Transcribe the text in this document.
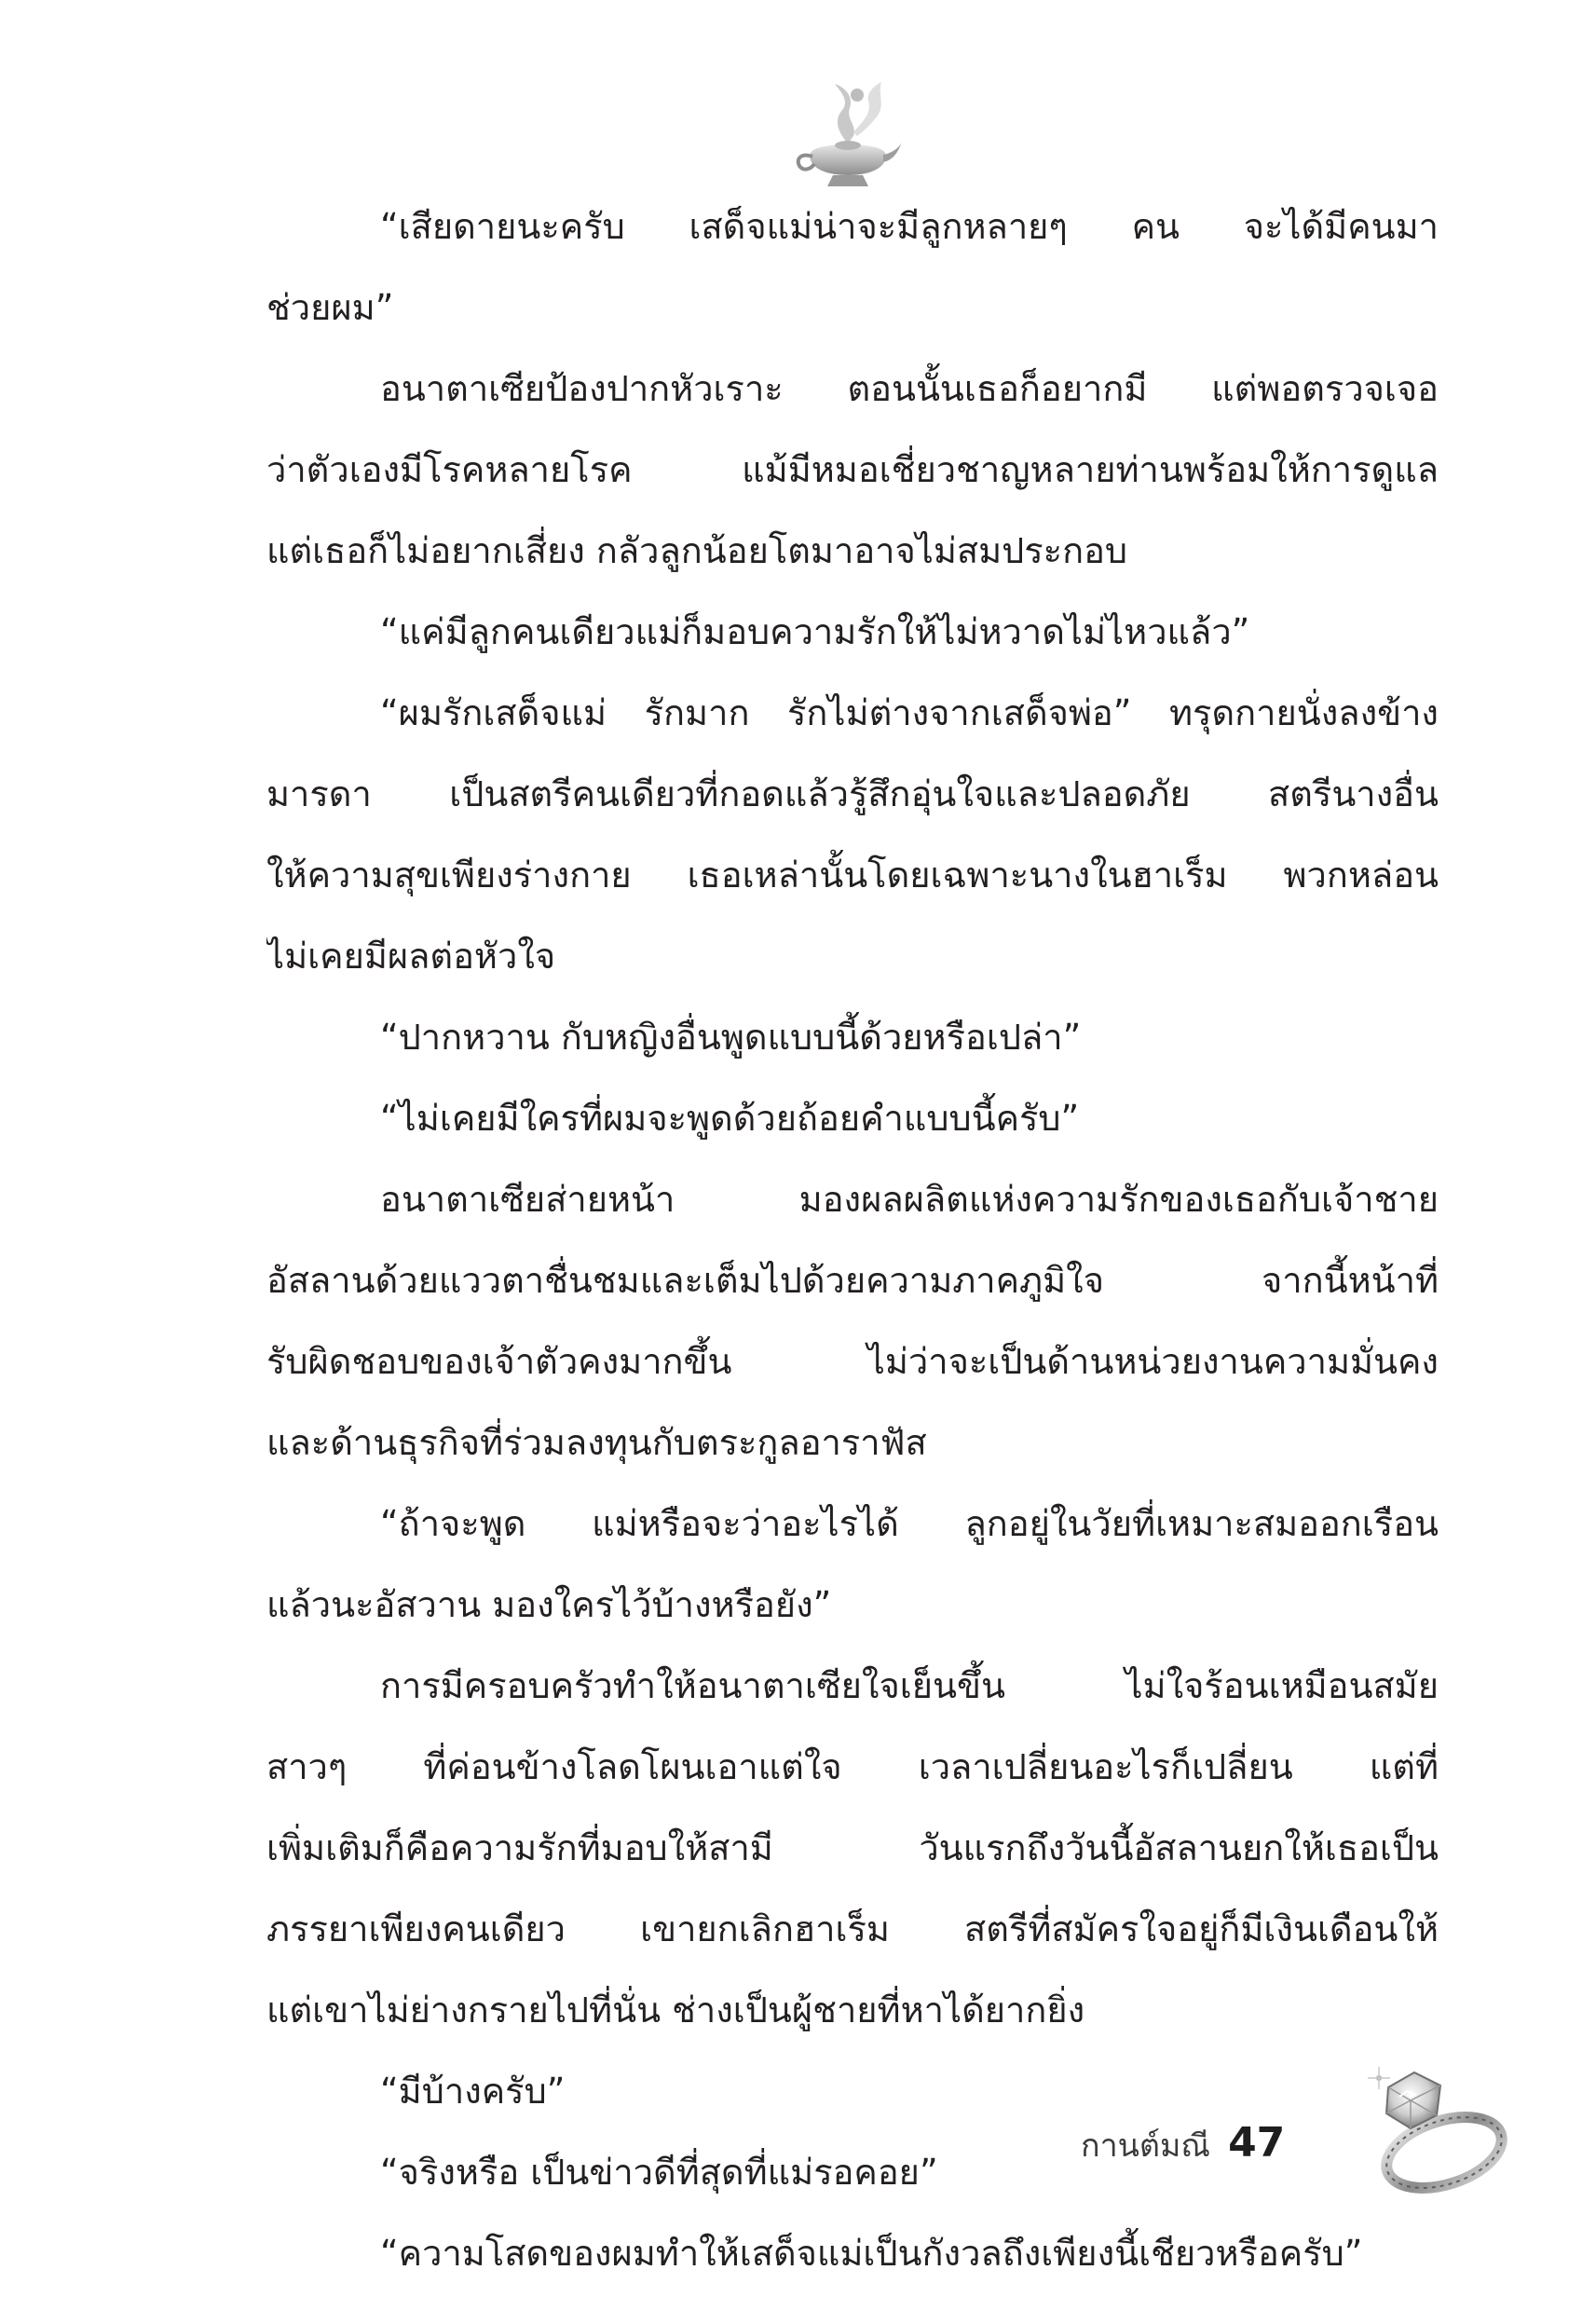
“เสียดายนะครับ เสด็จแม่น่าจะมีลูกหลายๆ คน จะได้มีคนมา
ช่วยผม”
อนาตาเซียป้องปากหัวเราะ ตอนนั้นเธอก็อยากมี แต่พอตรวจเจอ
ว่าตัวเองมีโรคหลายโรค แม้มีหมอเชี่ยวชาญหลายท่านพร้อมให้การดูแล
แต่เธอก็ไม่อยากเสี่ยง กลัวลูกน้อยโตมาอาจไม่สมประกอบ
“แค่มีลูกคนเดียวแม่ก็มอบความรักให้ไม่หวาดไม่ไหวแล้ว”
“ผมรักเสด็จแม่ รักมาก รักไม่ต่างจากเสด็จพ่อ” ทรุดกายนั่งลงข้าง
มารดา เป็นสตรีคนเดียวที่กอดแล้วรู้สึกอุ่นใจและปลอดภัย สตรีนางอื่น
ให้ความสุขเพียงร่างกาย เธอเหล่านั้นโดยเฉพาะนางในฮาเร็ม พวกหล่อน
ไม่เคยมีผลต่อหัวใจ
“ปากหวาน กับหญิงอื่นพูดแบบนี้ด้วยหรือเปล่า”
“ไม่เคยมีใครที่ผมจะพูดด้วยถ้อยคำแบบนี้ครับ”
อนาตาเซียส่ายหน้า มองผลผลิตแห่งความรักของเธอกับเจ้าชาย
อัสลานด้วยแววตาชื่นชมและเต็มไปด้วยความภาคภูมิใจ จากนี้หน้าที่
รับผิดชอบของเจ้าตัวคงมากขึ้น ไม่ว่าจะเป็นด้านหน่วยงานความมั่นคง
และด้านธุรกิจที่ร่วมลงทุนกับตระกูลอาราฟัส
“ถ้าจะพูด แม่หรือจะว่าอะไรได้ ลูกอยู่ในวัยที่เหมาะสมออกเรือน
แล้วนะอัสวาน มองใครไว้บ้างหรือยัง”
การมีครอบครัวทำให้อนาตาเซียใจเย็นขึ้น ไม่ใจร้อนเหมือนสมัย
สาวๆ ที่ค่อนข้างโลดโผนเอาแต่ใจ เวลาเปลี่ยนอะไรก็เปลี่ยน แต่ที่
เพิ่มเติมก็คือความรักที่มอบให้สามี วันแรกถึงวันนี้อัสลานยกให้เธอเป็น
ภรรยาเพียงคนเดียว เขายกเลิกฮาเร็ม สตรีที่สมัครใจอยู่ก็มีเงินเดือนให้
แต่เขาไม่ย่างกรายไปที่นั่น ช่างเป็นผู้ชายที่หาได้ยากยิ่ง
“มีบ้างครับ”
“จริงหรือ เป็นข่าวดีที่สุดที่แม่รอคอย”
“ความโสดของผมทำให้เสด็จแม่เป็นกังวลถึงเพียงนี้เชียวหรือครับ”
กานต์มณี 47
